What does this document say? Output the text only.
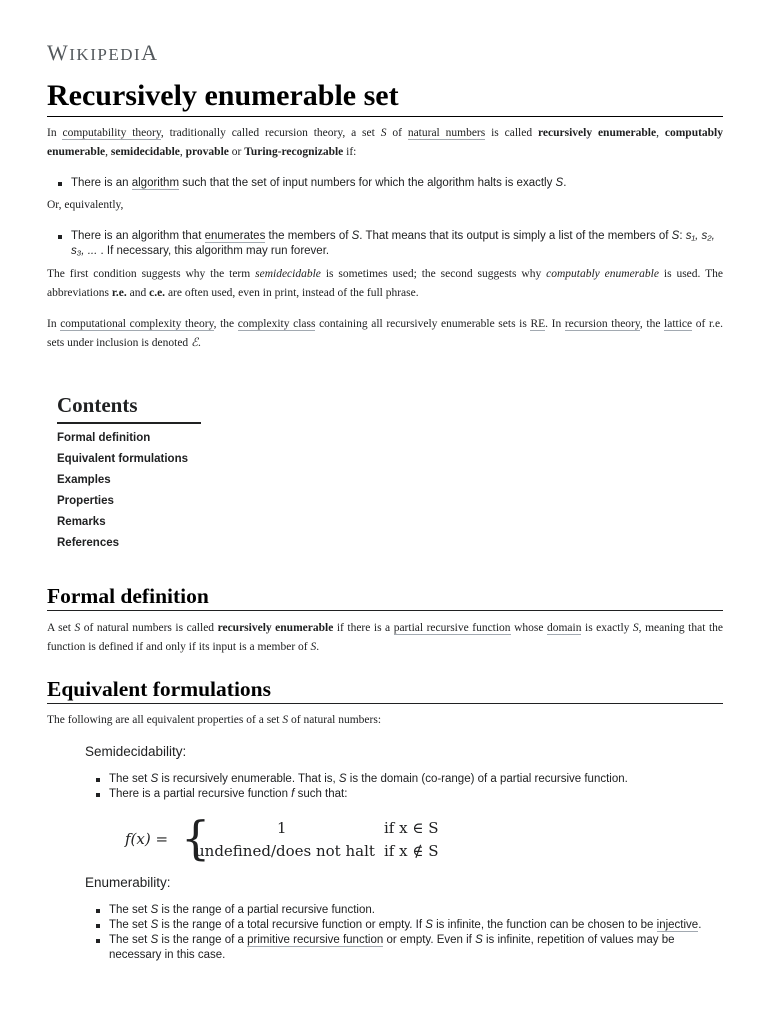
WIKIPEDIA
Recursively enumerable set
In computability theory, traditionally called recursion theory, a set S of natural numbers is called recursively enumerable, computably enumerable, semidecidable, provable or Turing-recognizable if:
There is an algorithm such that the set of input numbers for which the algorithm halts is exactly S.
Or, equivalently,
There is an algorithm that enumerates the members of S. That means that its output is simply a list of the members of S: s₁, s₂, s₃, ... . If necessary, this algorithm may run forever.
The first condition suggests why the term semidecidable is sometimes used; the second suggests why computably enumerable is used. The abbreviations r.e. and c.e. are often used, even in print, instead of the full phrase.
In computational complexity theory, the complexity class containing all recursively enumerable sets is RE. In recursion theory, the lattice of r.e. sets under inclusion is denoted ℰ.
Contents
Formal definition
Equivalent formulations
Examples
Properties
Remarks
References
Formal definition
A set S of natural numbers is called recursively enumerable if there is a partial recursive function whose domain is exactly S, meaning that the function is defined if and only if its input is a member of S.
Equivalent formulations
The following are all equivalent properties of a set S of natural numbers:
Semidecidability:
The set S is recursively enumerable. That is, S is the domain (co-range) of a partial recursive function.
There is a partial recursive function f such that:
f(x) = {	1	if x ∈ S
undefined/does not halt if x ∉ S
Enumerability:
The set S is the range of a partial recursive function.
The set S is the range of a total recursive function or empty. If S is infinite, the function can be chosen to be injective.
The set S is the range of a primitive recursive function or empty. Even if S is infinite, repetition of values may be necessary in this case.
